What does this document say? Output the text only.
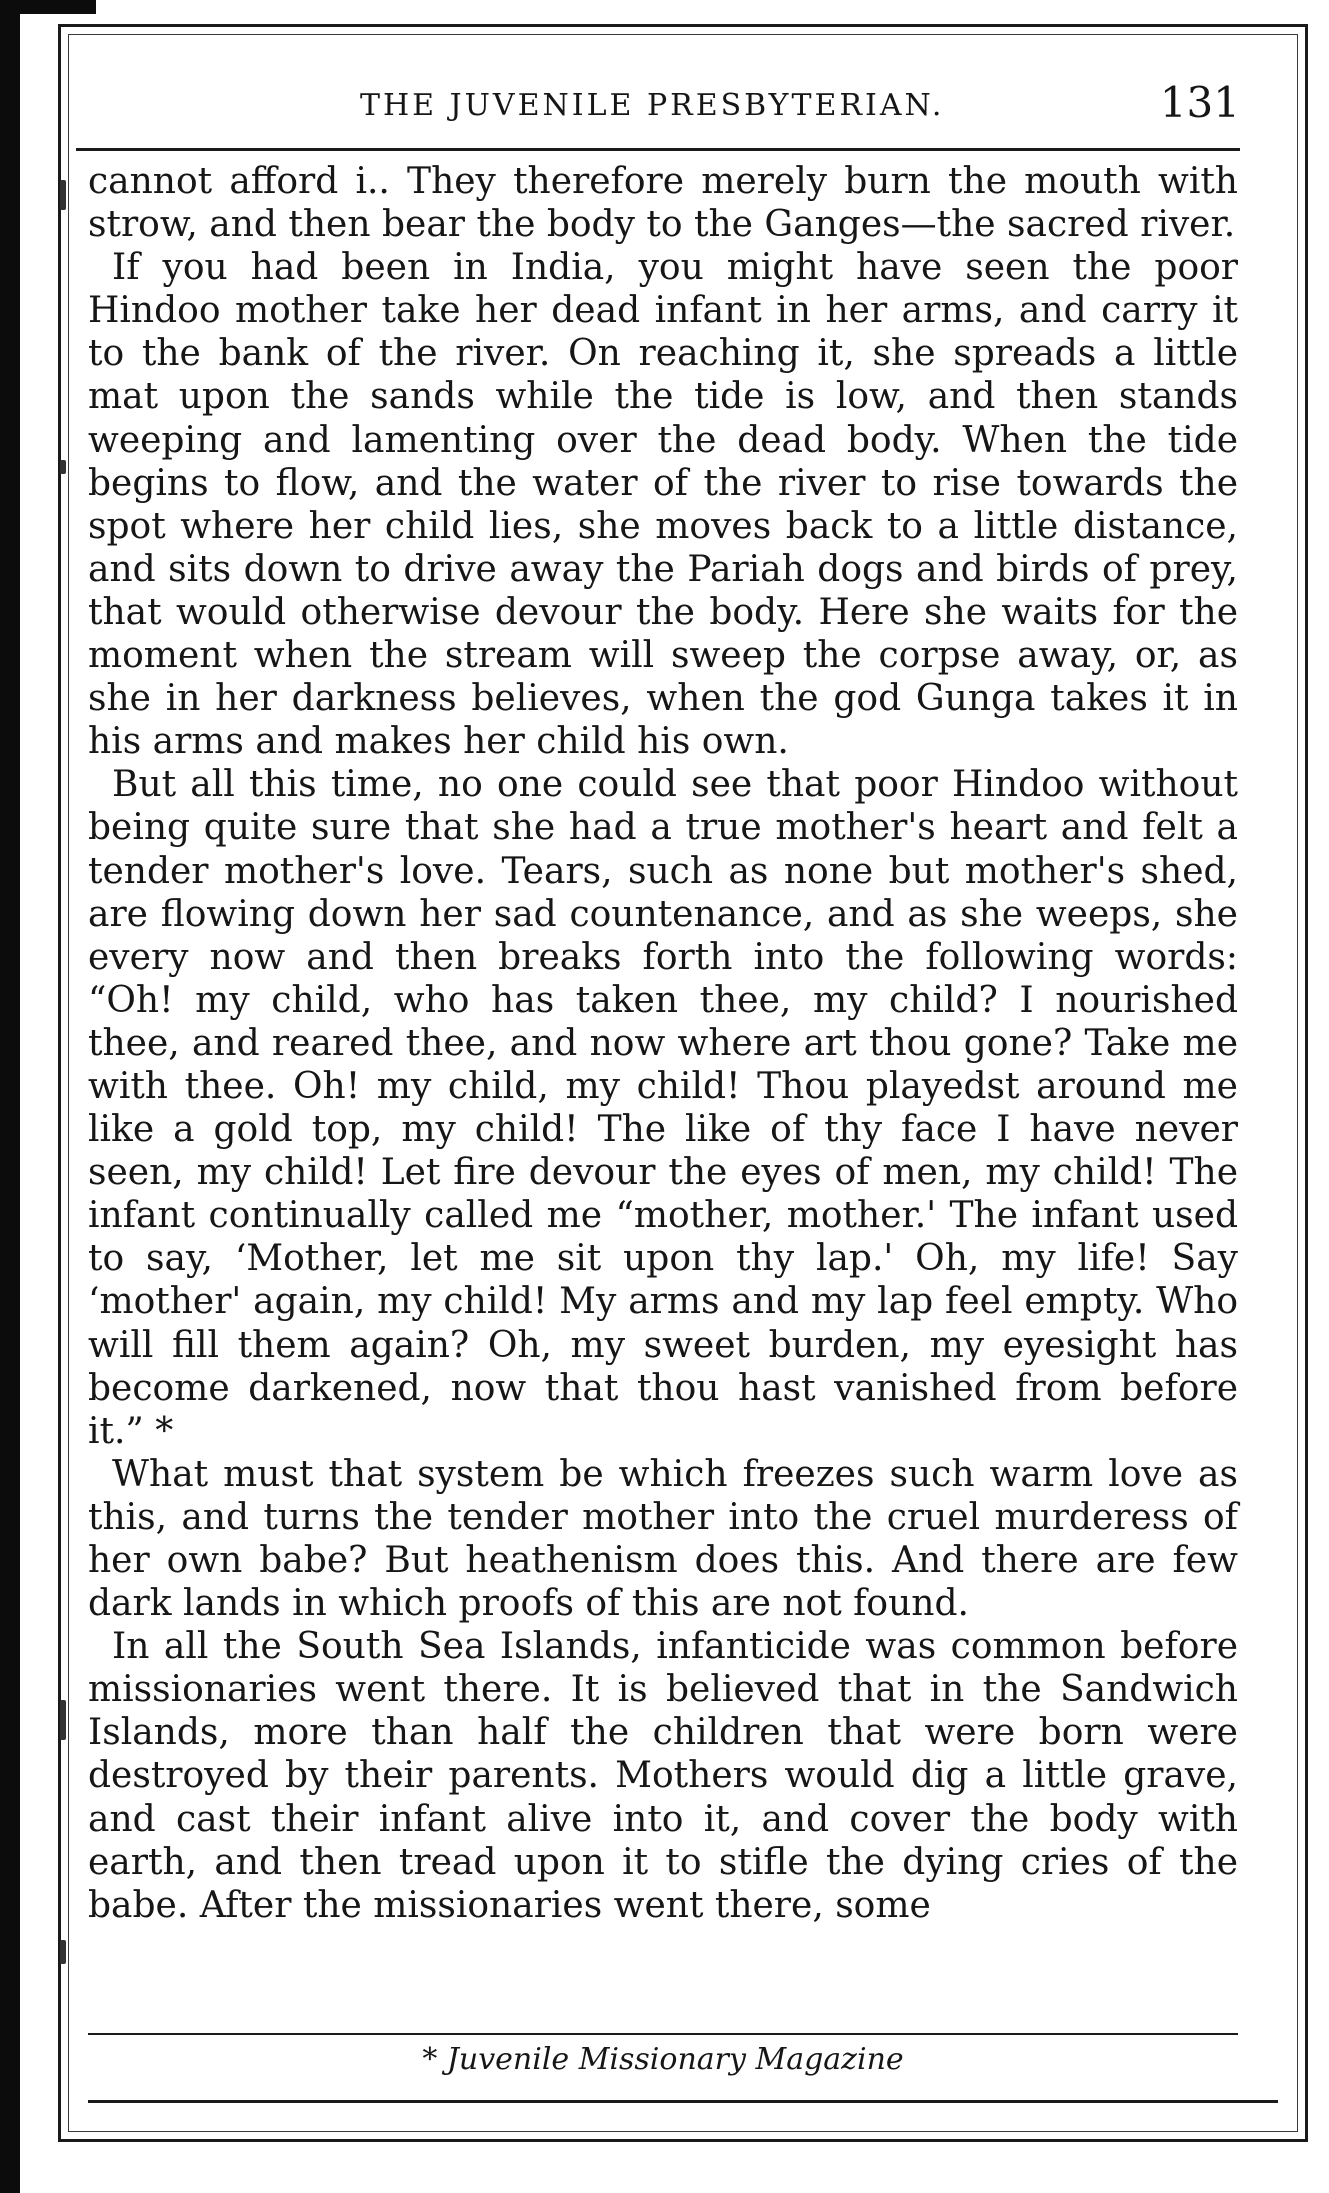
THE JUVENILE PRESBYTERIAN.	131

cannot afford i.. They therefore merely burn the mouth with strow, and then bear the body to the Ganges—the sacred river.

If you had been in India, you might have seen the poor Hindoo mother take her dead infant in her arms, and carry it to the bank of the river. On reaching it, she spreads a little mat upon the sands while the tide is low, and then stands weeping and lamenting over the dead body. When the tide begins to flow, and the water of the river to rise towards the spot where her child lies, she moves back to a little distance, and sits down to drive away the Pariah dogs and birds of prey, that would otherwise devour the body. Here she waits for the moment when the stream will sweep the corpse away, or, as she in her darkness believes, when the god Gunga takes it in his arms and makes her child his own.

But all this time, no one could see that poor Hindoo without being quite sure that she had a true mother's heart and felt a tender mother's love. Tears, such as none but mother's shed, are flowing down her sad countenance, and as she weeps, she every now and then breaks forth into the following words: “Oh! my child, who has taken thee, my child? I nourished thee, and reared thee, and now where art thou gone? Take me with thee. Oh! my child, my child! Thou playedst around me like a gold top, my child! The like of thy face I have never seen, my child! Let fire devour the eyes of men, my child! The infant continually called me “mother, mother.' The infant used to say, ‘Mother, let me sit upon thy lap.' Oh, my life! Say ‘mother' again, my child! My arms and my lap feel empty. Who will fill them again? Oh, my sweet burden, my eyesight has become darkened, now that thou hast vanished from before it.” *

What must that system be which freezes such warm love as this, and turns the tender mother into the cruel murderess of her own babe? But heathenism does this. And there are few dark lands in which proofs of this are not found.

In all the South Sea Islands, infanticide was common before missionaries went there. It is believed that in the Sandwich Islands, more than half the children that were born were destroyed by their parents. Mothers would dig a little grave, and cast their infant alive into it, and cover the body with earth, and then tread upon it to stifle the dying cries of the babe. After the missionaries went there, some

* Juvenile Missionary Magazine
